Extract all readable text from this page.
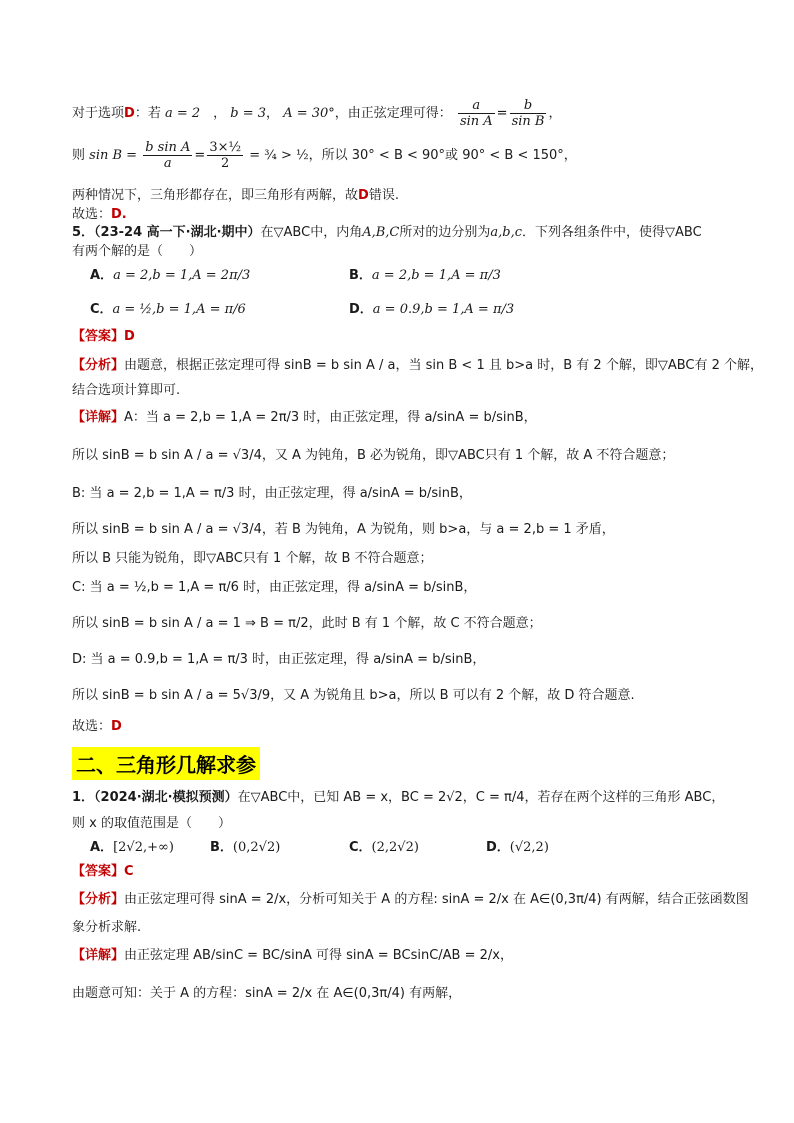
对于选项D：若 a = 2　， b = 3， A = 30°，由正弦定理可得： $\frac{a}{\text{sin A}} = \frac{b}{\text{sin B}}$ ，
则 $\sin B = \frac{\text{b sin A}}{a} = \frac{\text{3×½}}{2}$ = ¾ > ½，所以 30° < B < 90°或 90° < B < 150°，
两种情况下，三角形都存在，即三角形有两解，故D错误.
故选：D.
5．（23-24 高一下·湖北·期中）在▽ABC中，内角A,B,C所对的边分别为a,b,c．下列各组条件中，使得▽ABC
有两个解的是（　　）
A．a = 2,b = 1,A = 2π/3	B．a = 2,b = 1,A = π/3
C．a = ½,b = 1,A = π/6	D．a = 0.9,b = 1,A = π/3
【答案】D
【分析】由题意，根据正弦定理可得 sinB = b sin A / a，当 sin B < 1 且 b>a 时，B 有 2 个解，即▽ABC有 2 个解，
结合选项计算即可.
【详解】A：当 a = 2,b = 1,A = 2π/3 时，由正弦定理，得 a/sinA = b/sinB，
所以 sinB = b sin A / a = √3/4，又 A 为钝角，B 必为锐角，即▽ABC只有 1 个解，故 A 不符合题意；
B: 当 a = 2,b = 1,A = π/3 时，由正弦定理，得 a/sinA = b/sinB，
所以 sinB = b sin A / a = √3/4，若 B 为钝角，A 为锐角，则 b>a，与 a = 2,b = 1 矛盾，
所以 B 只能为锐角，即▽ABC只有 1 个解，故 B 不符合题意；
C: 当 a = ½,b = 1,A = π/6 时，由正弦定理，得 a/sinA = b/sinB，
所以 sinB = b sin A / a = 1 ⇒ B = π/2，此时 B 有 1 个解，故 C 不符合题意；
D: 当 a = 0.9,b = 1,A = π/3 时，由正弦定理，得 a/sinA = b/sinB，
所以 sinB = b sin A / a = 5√3/9，又 A 为锐角且 b>a，所以 B 可以有 2 个解，故 D 符合题意.
故选：D
二、三角形几解求参
1．（2024·湖北·模拟预测）在▽ABC中，已知 AB = x，BC = 2√2，C = π/4，若存在两个这样的三角形 ABC，
则 x 的取值范围是（　　）
A．[2√2,+∞)	B．(0,2√2)	C．(2,2√2)	D．(√2,2)
【答案】C
【分析】由正弦定理可得 sinA = 2/x，分析可知关于 A 的方程: sinA = 2/x 在 A∈(0,3π/4) 有两解，结合正弦函数图
象分析求解.
【详解】由正弦定理 AB/sinC = BC/sinA 可得 sinA = BCsinC/AB = 2/x，
由题意可知：关于 A 的方程：sinA = 2/x 在 A∈(0,3π/4) 有两解，
